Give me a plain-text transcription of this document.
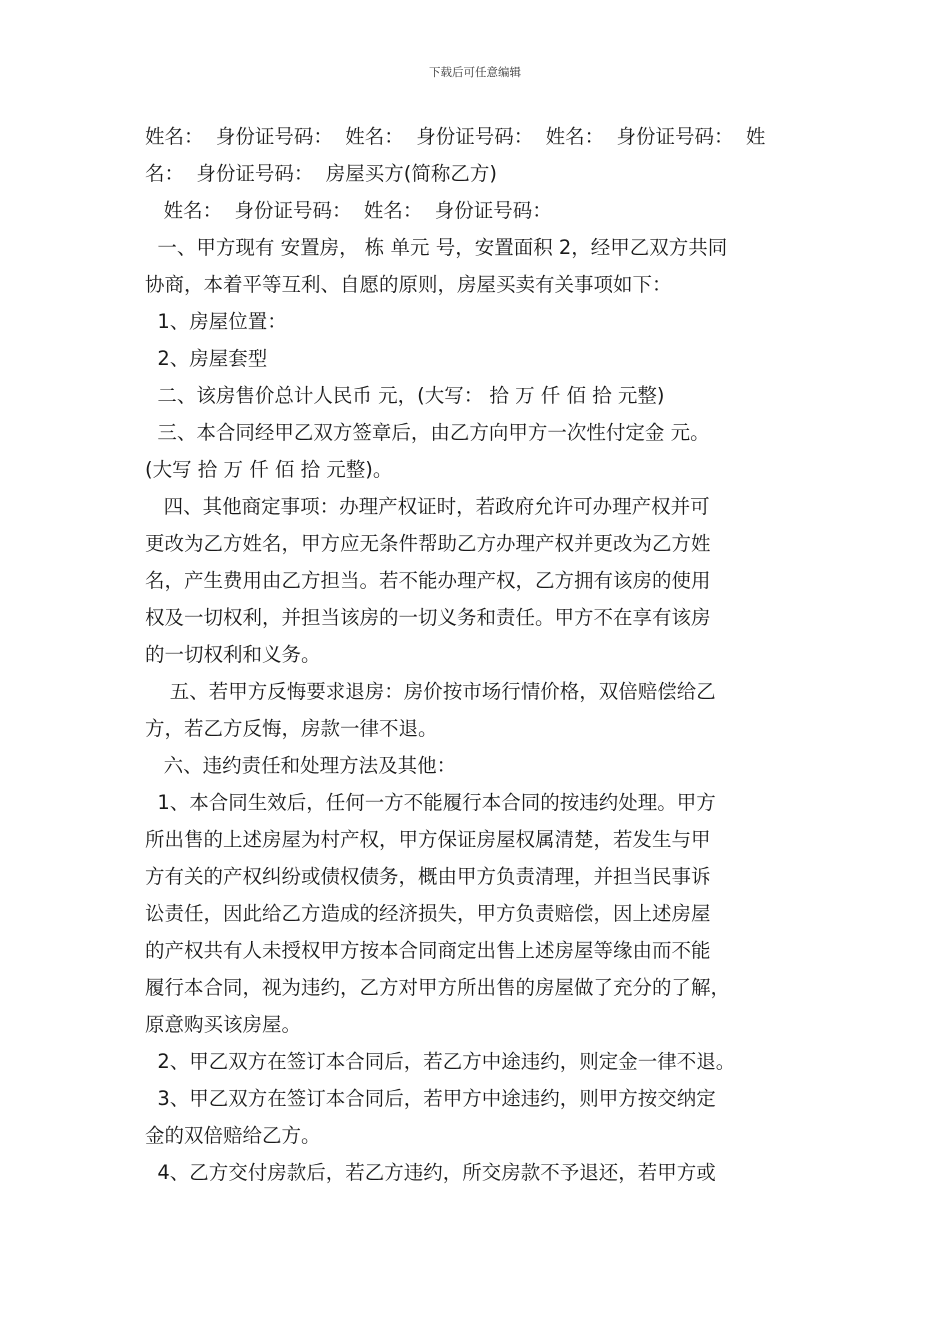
下载后可任意编辑
姓名：  身份证号码：  姓名：  身份证号码：  姓名：  身份证号码：  姓
名：  身份证号码：  房屋买方(简称乙方)
姓名：  身份证号码：  姓名：  身份证号码：
一、甲方现有 安置房， 栋 单元 号，安置面积 2，经甲乙双方共同
协商，本着平等互利、自愿的原则，房屋买卖有关事项如下：
1、房屋位置：
2、房屋套型
二、该房售价总计人民币 元，(大写： 拾 万 仟 佰 拾 元整)
三、本合同经甲乙双方签章后，由乙方向甲方一次性付定金 元。
(大写 拾 万 仟 佰 拾 元整)。
四、其他商定事项：办理产权证时，若政府允许可办理产权并可
更改为乙方姓名，甲方应无条件帮助乙方办理产权并更改为乙方姓
名，产生费用由乙方担当。若不能办理产权，乙方拥有该房的使用
权及一切权利，并担当该房的一切义务和责任。甲方不在享有该房
的一切权利和义务。
五、若甲方反悔要求退房：房价按市场行情价格，双倍赔偿给乙
方，若乙方反悔，房款一律不退。
六、违约责任和处理方法及其他：
1、本合同生效后，任何一方不能履行本合同的按违约处理。甲方
所出售的上述房屋为村产权，甲方保证房屋权属清楚，若发生与甲
方有关的产权纠纷或债权债务，概由甲方负责清理，并担当民事诉
讼责任，因此给乙方造成的经济损失，甲方负责赔偿，因上述房屋
的产权共有人未授权甲方按本合同商定出售上述房屋等缘由而不能
履行本合同，视为违约，乙方对甲方所出售的房屋做了充分的了解，
原意购买该房屋。
2、甲乙双方在签订本合同后，若乙方中途违约，则定金一律不退。
3、甲乙双方在签订本合同后，若甲方中途违约，则甲方按交纳定
金的双倍赔给乙方。
4、乙方交付房款后，若乙方违约，所交房款不予退还，若甲方或
